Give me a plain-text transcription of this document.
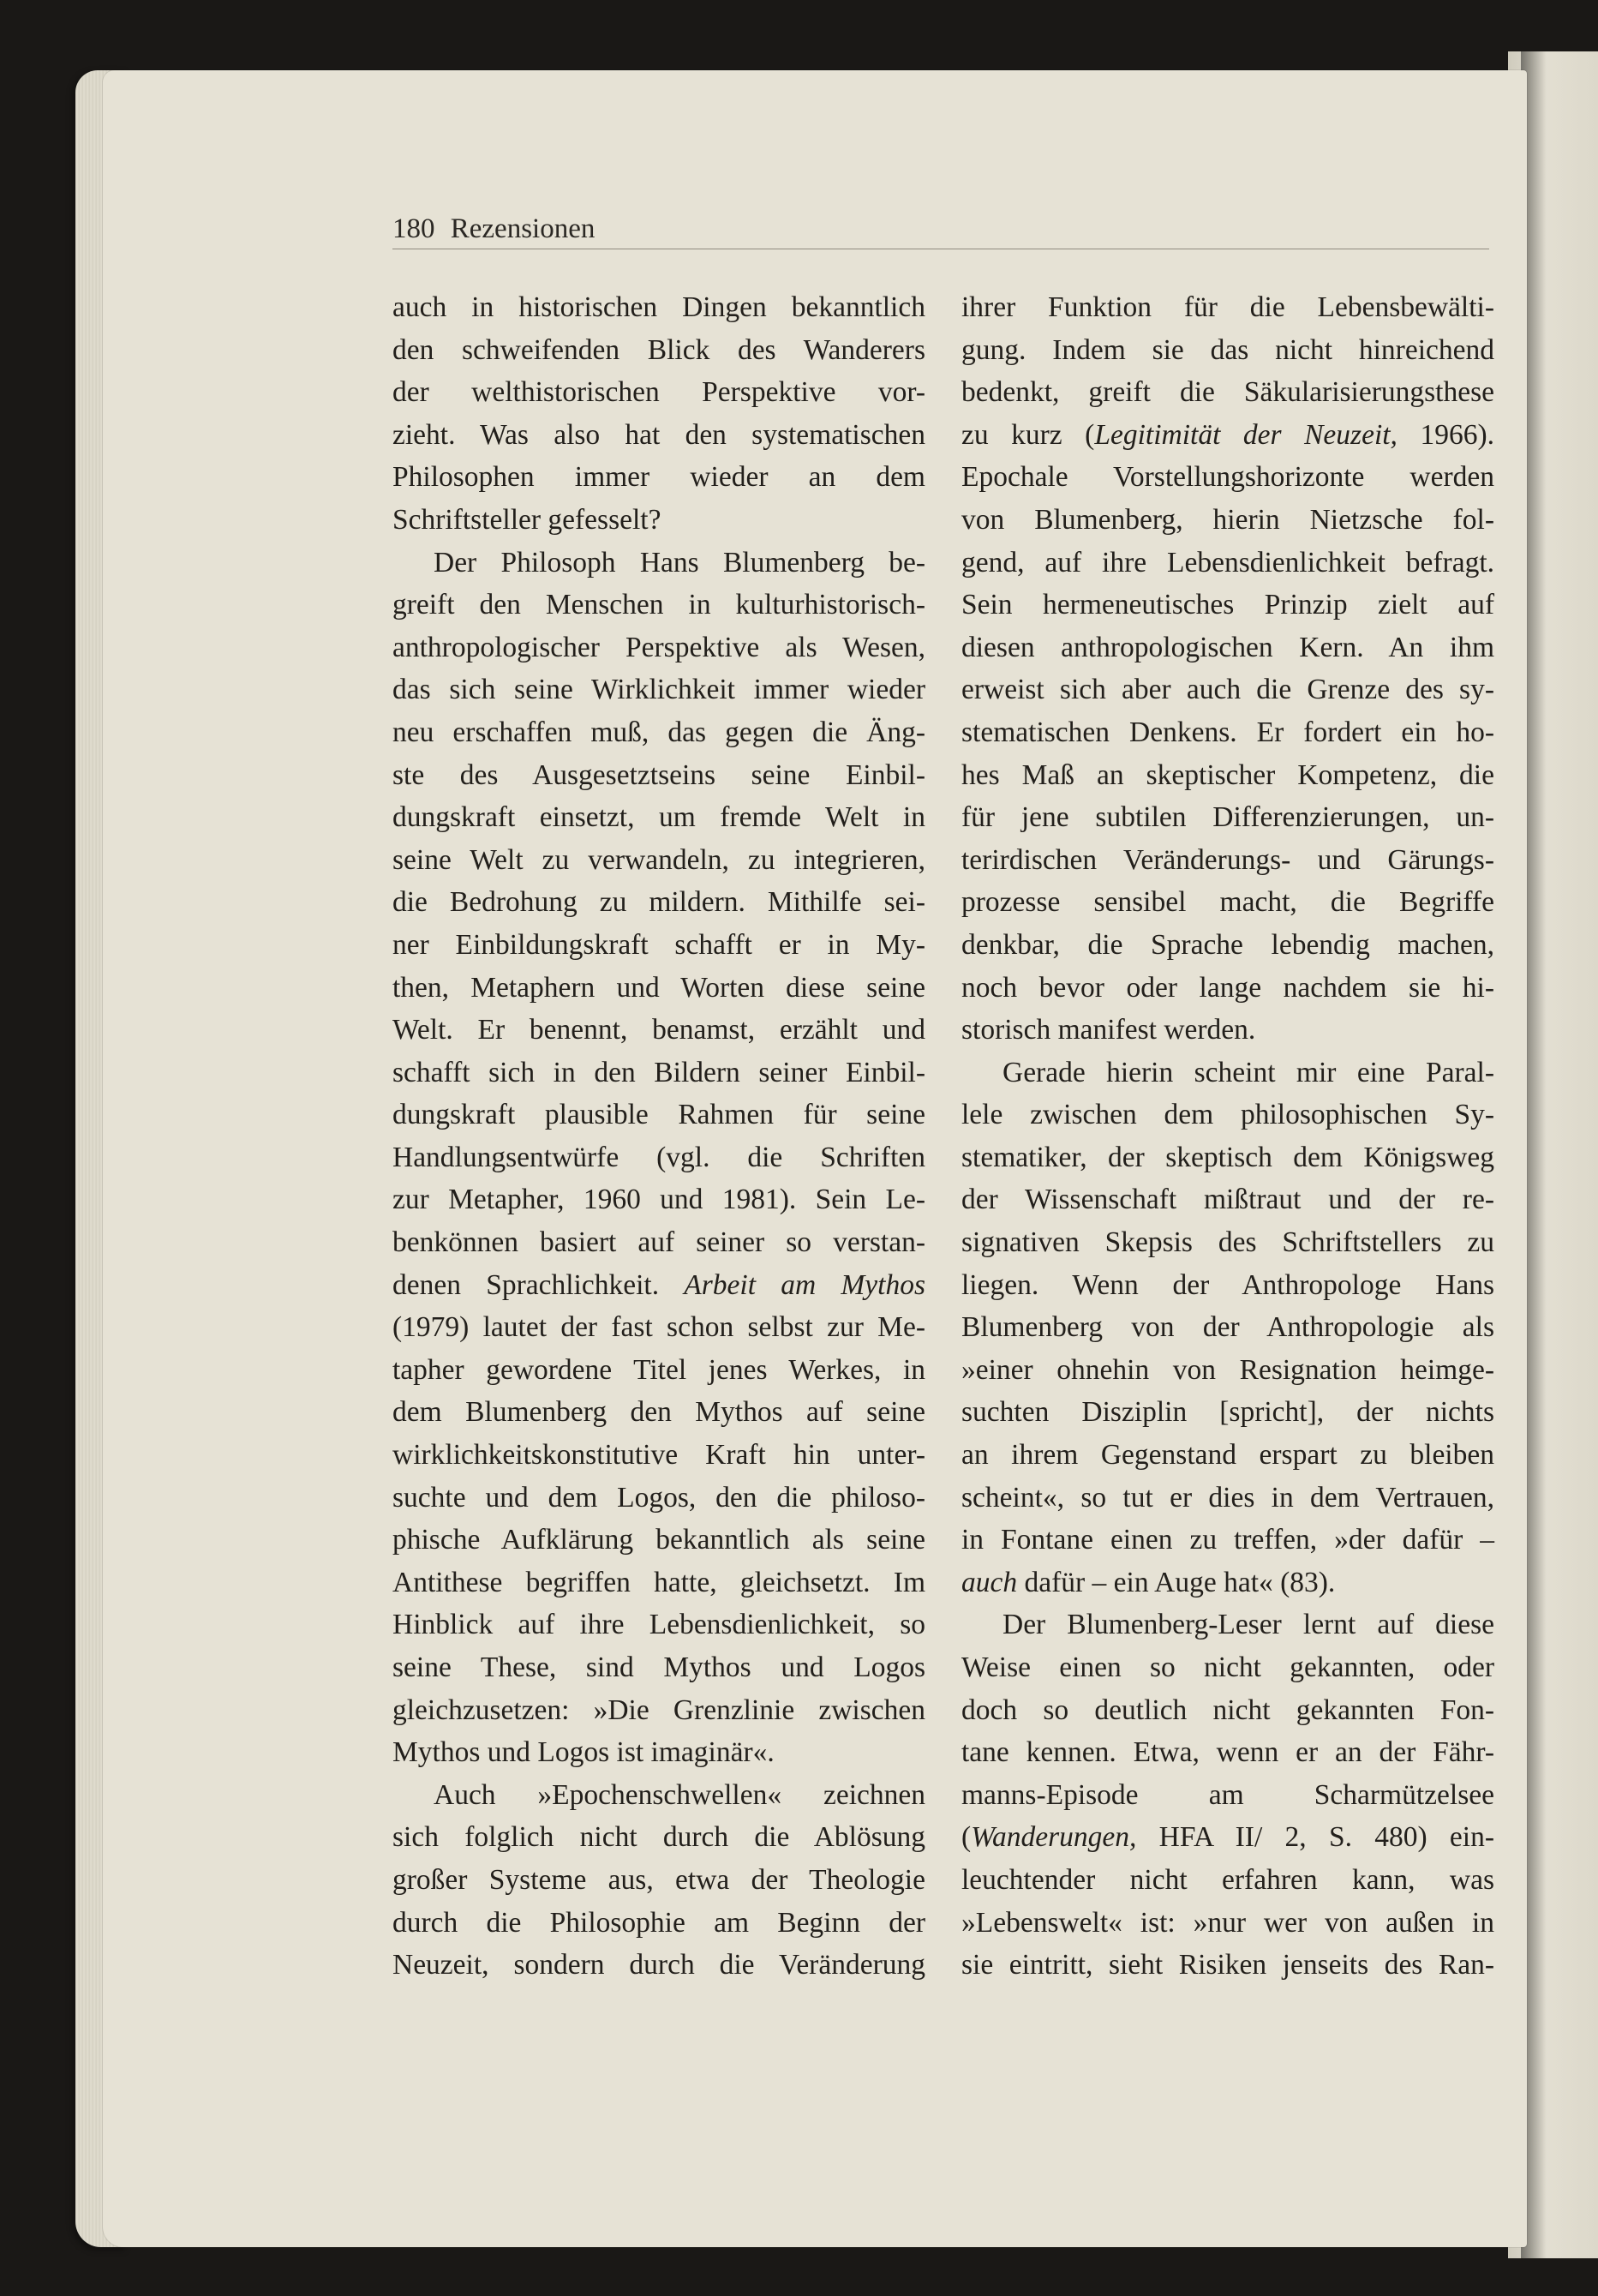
180 Rezensionen
auch in historischen Dingen bekanntlich
den schweifenden Blick des Wanderers
der welthistorischen Perspektive vor-
zieht. Was also hat den systematischen
Philosophen immer wieder an dem
Schriftsteller gefesselt?
Der Philosoph Hans Blumenberg be-
greift den Menschen in kulturhistorisch-
anthropologischer Perspektive als Wesen,
das sich seine Wirklichkeit immer wieder
neu erschaffen muß, das gegen die Äng-
ste des Ausgesetztseins seine Einbil-
dungskraft einsetzt, um fremde Welt in
seine Welt zu verwandeln, zu integrieren,
die Bedrohung zu mildern. Mithilfe sei-
ner Einbildungskraft schafft er in My-
then, Metaphern und Worten diese seine
Welt. Er benennt, benamst, erzählt und
schafft sich in den Bildern seiner Einbil-
dungskraft plausible Rahmen für seine
Handlungsentwürfe (vgl. die Schriften
zur Metapher, 1960 und 1981). Sein Le-
benkönnen basiert auf seiner so verstan-
denen Sprachlichkeit. Arbeit am Mythos
(1979) lautet der fast schon selbst zur Me-
tapher gewordene Titel jenes Werkes, in
dem Blumenberg den Mythos auf seine
wirklichkeitskonstitutive Kraft hin unter-
suchte und dem Logos, den die philoso-
phische Aufklärung bekanntlich als seine
Antithese begriffen hatte, gleichsetzt. Im
Hinblick auf ihre Lebensdienlichkeit, so
seine These, sind Mythos und Logos
gleichzusetzen: »Die Grenzlinie zwischen
Mythos und Logos ist imaginär«.
Auch »Epochenschwellen« zeichnen
sich folglich nicht durch die Ablösung
großer Systeme aus, etwa der Theologie
durch die Philosophie am Beginn der
Neuzeit, sondern durch die Veränderung
ihrer Funktion für die Lebensbewälti-
gung. Indem sie das nicht hinreichend
bedenkt, greift die Säkularisierungsthese
zu kurz (Legitimität der Neuzeit, 1966).
Epochale Vorstellungshorizonte werden
von Blumenberg, hierin Nietzsche fol-
gend, auf ihre Lebensdienlichkeit befragt.
Sein hermeneutisches Prinzip zielt auf
diesen anthropologischen Kern. An ihm
erweist sich aber auch die Grenze des sy-
stematischen Denkens. Er fordert ein ho-
hes Maß an skeptischer Kompetenz, die
für jene subtilen Differenzierungen, un-
terirdischen Veränderungs- und Gärungs-
prozesse sensibel macht, die Begriffe
denkbar, die Sprache lebendig machen,
noch bevor oder lange nachdem sie hi-
storisch manifest werden.
Gerade hierin scheint mir eine Paral-
lele zwischen dem philosophischen Sy-
stematiker, der skeptisch dem Königsweg
der Wissenschaft mißtraut und der re-
signativen Skepsis des Schriftstellers zu
liegen. Wenn der Anthropologe Hans
Blumenberg von der Anthropologie als
»einer ohnehin von Resignation heimge-
suchten Disziplin [spricht], der nichts
an ihrem Gegenstand erspart zu bleiben
scheint«, so tut er dies in dem Vertrauen,
in Fontane einen zu treffen, »der dafür –
auch dafür – ein Auge hat« (83).
Der Blumenberg-Leser lernt auf diese
Weise einen so nicht gekannten, oder
doch so deutlich nicht gekannten Fon-
tane kennen. Etwa, wenn er an der Fähr-
manns-Episode am Scharmützelsee
(Wanderungen, HFA II/ 2, S. 480) ein-
leuchtender nicht erfahren kann, was
»Lebenswelt« ist: »nur wer von außen in
sie eintritt, sieht Risiken jenseits des Ran-
